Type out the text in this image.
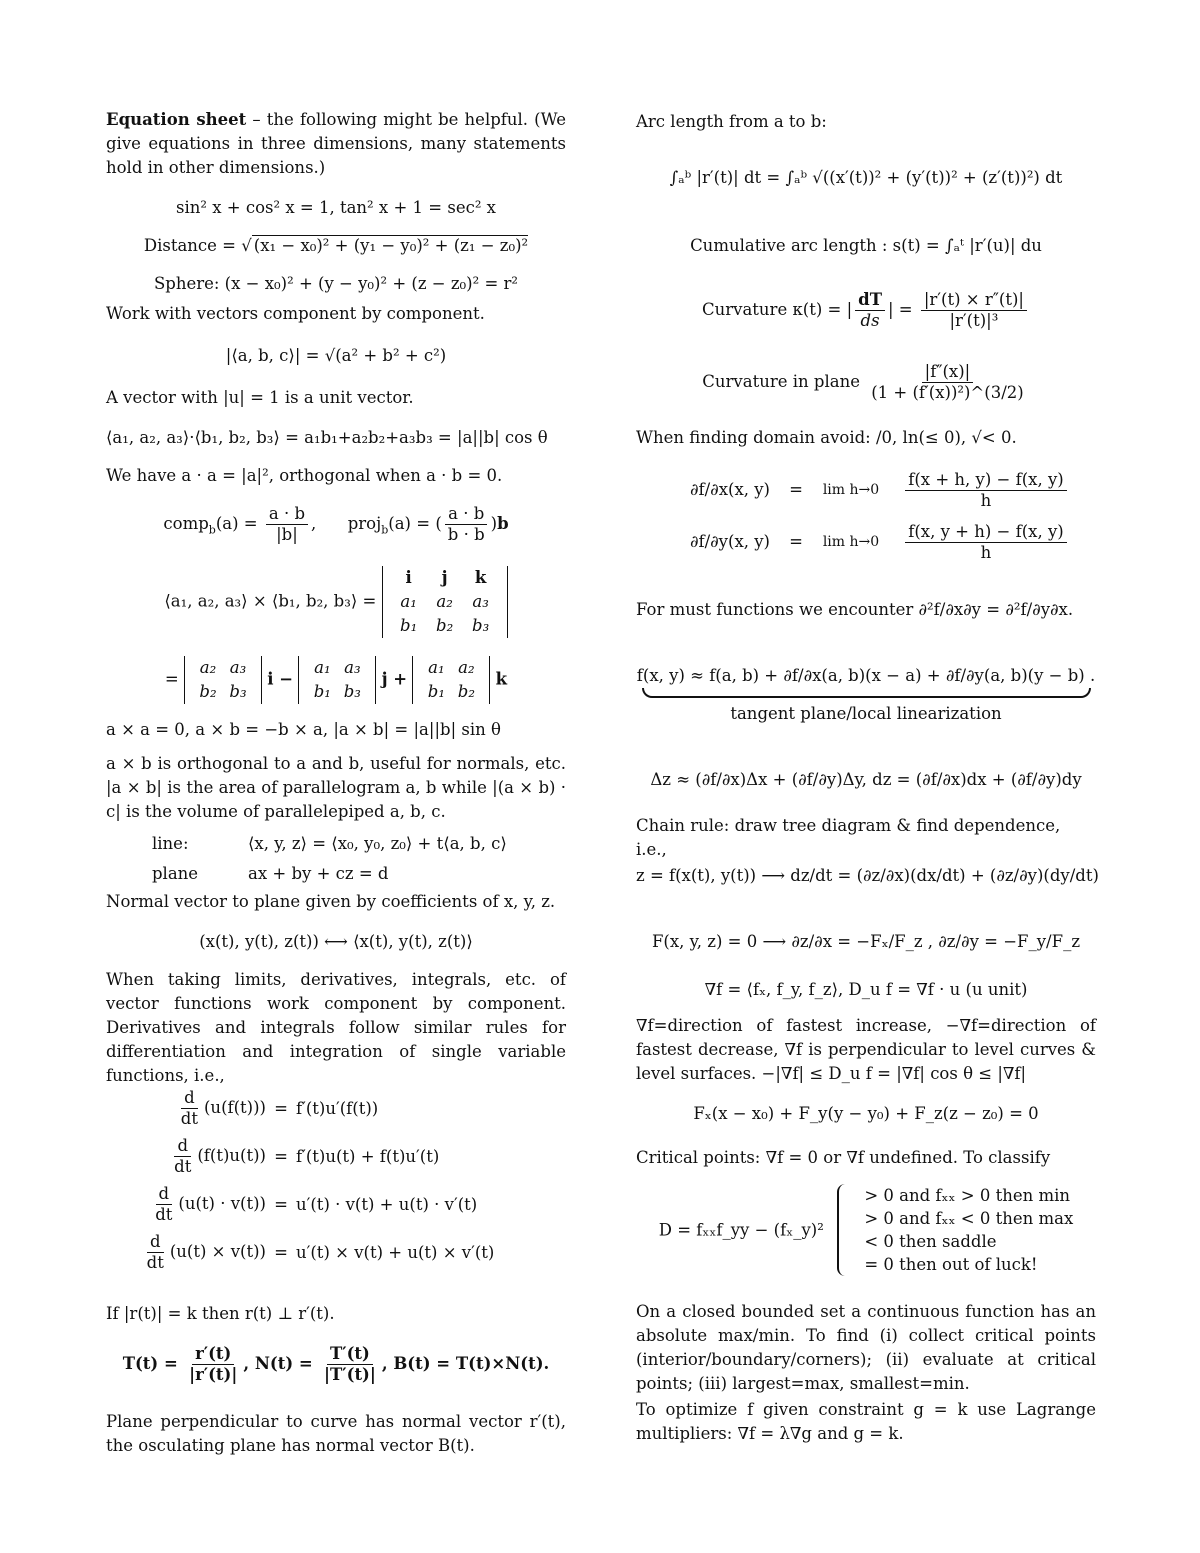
Equation sheet – the following might be helpful. (We give equations in three dimensions, many statements hold in other dimensions.)

sin² x + cos² x = 1, tan² x + 1 = sec² x
Distance = √ (x₁ − x₀)² + (y₁ − y₀)² + (z₁ − z₀)²
Sphere: (x − x₀)² + (y − y₀)² + (z − z₀)² = r²

Work with vectors component by component.

|⟨a, b, c⟩| = √(a² + b² + c²)

A vector with |u| = 1 is a unit vector.

⟨a₁, a₂, a₃⟩·⟨b₁, b₂, b₃⟩ = a₁b₁+a₂b₂+a₃b₃ = |a||b| cos θ

We have a · a = |a|², orthogonal when a · b = 0.

comp$_b$(a) = $\frac{a \cdot b}{|b|}$ ,      proj$_b$(a) = ( $\frac{a \cdot b}{b \cdot b} )b$
⟨a₁, a₂, a₃⟩ × ⟨b₁, b₂, b₃⟩ =
i	j	k
a₁	a₂	a₃
b₁	b₂	b₃
=
a₂ a₃
b₂ b₃
i −
a₁ a₃
b₁ b₃
j +
a₁ a₂
b₁ b₂
k

a × a = 0, a × b = −b × a, |a × b| = |a||b| sin θ

a × b is orthogonal to a and b, useful for normals, etc. |a × b| is the area of parallelogram a, b while |(a × b) · c| is the volume of parallelepiped a, b, c.

line:	⟨x, y, z⟩ = ⟨x₀, y₀, z₀⟩ + t⟨a, b, c⟩
plane	ax + by + cz = d

Normal vector to plane given by coefficients of x, y, z.

(x(t), y(t), z(t)) ⟷ ⟨x(t), y(t), z(t)⟩

When taking limits, derivatives, integrals, etc. of vector functions work component by component. Derivatives and integrals follow similar rules for differentiation and integration of single variable functions, i.e.,

$\frac{d}{dt} (u(f(t))) = f'(t)u'(f(t))$
$\frac{d}{dt} (f(t)u(t)) = f'(t)u(t) + f(t)u'(t)$
$\frac{d}{dt} (u(t) \cdot v(t)) = u'(t) \cdot v(t) + u(t) \cdot v'(t)$
$\frac{d}{dt} (u(t) \times v(t)) = u'(t) \times v(t) + u(t) \times v'(t)$

If |r(t)| = k then r(t) ⊥ r′(t).

$T(t) = \frac{r'(t)}{|r'(t)|}$ , $N(t) = \frac{T'(t)}{|T'(t)|}$ , B(t) = T(t)×N(t).

Plane perpendicular to curve has normal vector r′(t), the osculating plane has normal vector B(t).

Arc length from a to b:

∫ₐᵇ |r′(t)| dt = ∫ₐᵇ √((x′(t))² + (y′(t))² + (z′(t))²) dt
Cumulative arc length : s(t) = ∫ₐᵗ |r′(u)| du
Curvature κ(t) = | $\frac{dT}{ds}$ | = $\frac{|r'(t) \times r''(t)|}{\text{|r′(t)|³}}$
Curvature in plane $\frac{|f''(x)|}{\text{(1 + (f′(x))²)\textasciicircum{}(3/2)}}$

When finding domain avoid: /0, ln(≤ 0), √< 0.

∂f/∂x(x, y)	=	$\lim h\to 0 \frac{f(x + h, y) - f(x, y)}{h}$
∂f/∂y(x, y)	=	$\lim h\to 0 \frac{f(x, y + h) - f(x, y)}{h}$

For must functions we encounter ∂²f/∂x∂y = ∂²f/∂y∂x.

f(x, y) ≈ f(a, b) + ∂f/∂x(a, b)(x − a) + ∂f/∂y(a, b)(y − b) .
tangent plane/local linearization
Δz ≈ (∂f/∂x)Δx + (∂f/∂y)Δy, dz = (∂f/∂x)dx + (∂f/∂y)dy

Chain rule: draw tree diagram & find dependence, i.e.,

z = f(x(t), y(t)) ⟶ dz/dt = (∂z/∂x)(dx/dt) + (∂z/∂y)(dy/dt)
F(x, y, z) = 0 ⟶ ∂z/∂x = −Fₓ/F_z , ∂z/∂y = −F_y/F_z
∇f = ⟨fₓ, f_y, f_z⟩, D_u f = ∇f · u (u unit)

∇f=direction of fastest increase, −∇f=direction of fastest decrease, ∇f is perpendicular to level curves & level surfaces. −|∇f| ≤ D_u f = |∇f| cos θ ≤ |∇f|

Fₓ(x − x₀) + F_y(y − y₀) + F_z(z − z₀) = 0

Critical points: ∇f = 0 or ∇f undefined. To classify

D = fₓₓf_yy − (fₓ_y)²
> 0 and fₓₓ > 0 then min
> 0 and fₓₓ < 0 then max
< 0 then saddle
= 0 then out of luck!

On a closed bounded set a continuous function has an absolute max/min. To find (i) collect critical points (interior/boundary/corners); (ii) evaluate at critical points; (iii) largest=max, smallest=min.

To optimize f given constraint g = k use Lagrange multipliers: ∇f = λ∇g and g = k.
